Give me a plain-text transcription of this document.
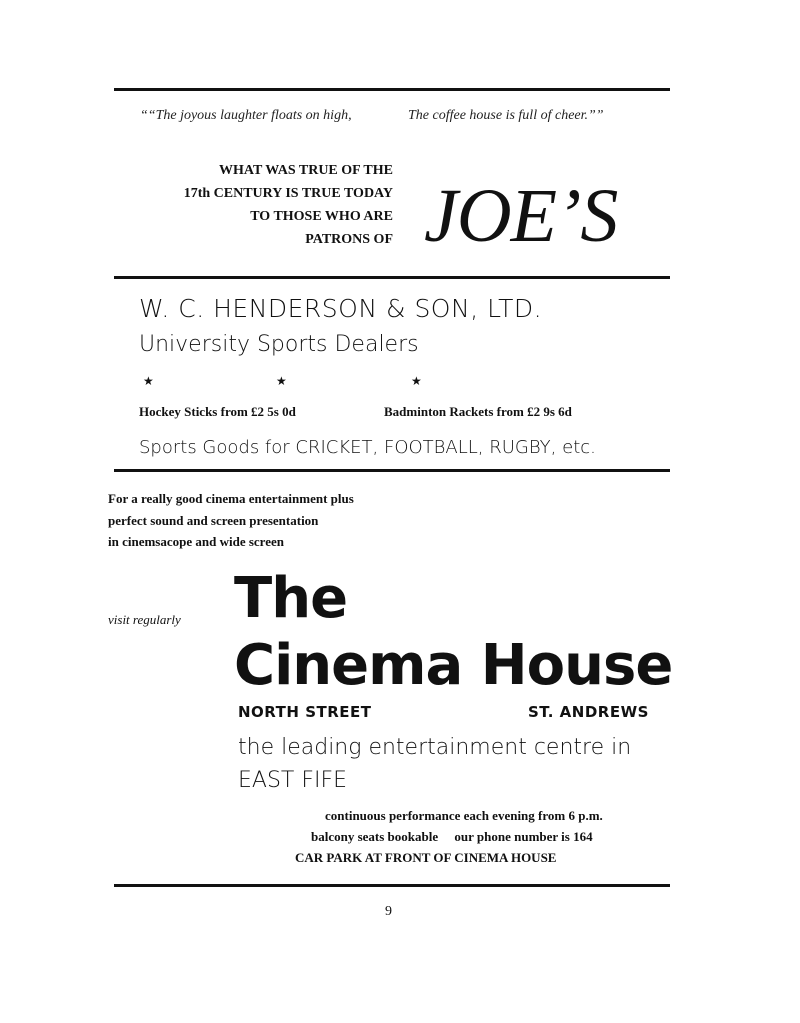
““The joyous laughter floats on high,	The coffee house is full of cheer.””
WHAT WAS TRUE OF THE
17th CENTURY IS TRUE TODAY
TO THOSE WHO ARE
PATRONS OF JOE’S
W. C. HENDERSON & SON, LTD.
University Sports Dealers
★	★	★
Hockey Sticks from £2 5s 0d	Badminton Rackets from £2 9s 6d
Sports Goods for CRICKET, FOOTBALL, RUGBY, etc.
For a really good cinema entertainment plus
perfect sound and screen presentation
in cinemsacope and wide screen
visit regularly The
Cinema House
NORTH STREET	ST. ANDREWS
the leading entertainment centre in
EAST FIFE
continuous performance each evening from 6 p.m.
balcony seats bookable     our phone number is 164
CAR PARK AT FRONT OF CINEMA HOUSE
9
